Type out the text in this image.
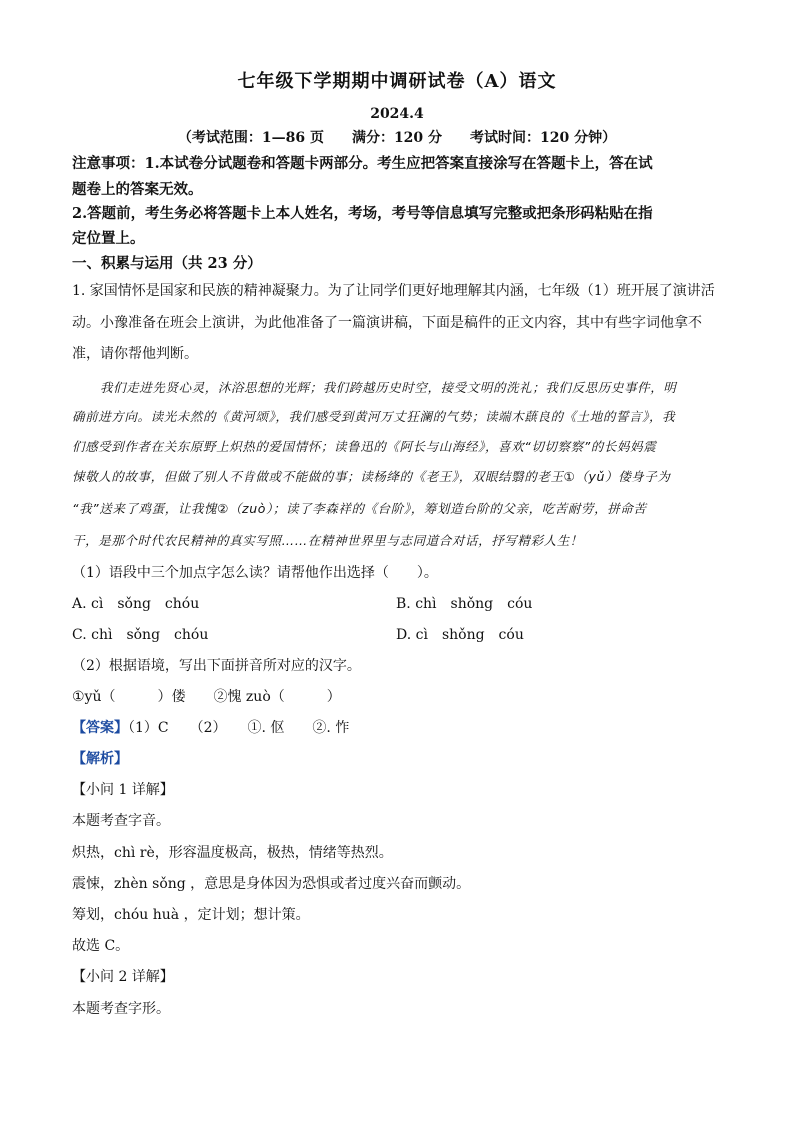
七年级下学期期中调研试卷（A）语文
2024.4
（考试范围：1—86 页　　满分：120 分　　考试时间：120 分钟）
注意事项：1.本试卷分试题卷和答题卡两部分。考生应把答案直接涂写在答题卡上，答在试
题卷上的答案无效。
2.答题前，考生务必将答题卡上本人姓名，考场，考号等信息填写完整或把条形码粘贴在指
定位置上。
一、积累与运用（共 23 分）
1. 家国情怀是国家和民族的精神凝聚力。为了让同学们更好地理解其内涵，七年级（1）班开展了演讲活
动。小豫准备在班会上演讲，为此他准备了一篇演讲稿，下面是稿件的正文内容，其中有些字词他拿不
准，请你帮他判断。
我们走进先贤心灵，沐浴思想的光辉；我们跨越历史时空，接受文明的洗礼；我们反思历史事件，明
确前进方向。读光未然的《黄河颂》，我们感受到黄河万丈狂澜的气势；读端木蕻良的《土地的誓言》，我
们感受到作者在关东原野上炽热的爱国情怀；读鲁迅的《阿长与山海经》，喜欢“切切察察”的长妈妈震
悚敬人的故事，但做了别人不肯做或不能做的事；读杨绛的《老王》，双眼结翳的老王①（yǔ）偻身子为
“我”送来了鸡蛋，让我愧②（zuò）；读了李森祥的《台阶》，筹划造台阶的父亲，吃苦耐劳，拼命苦
干，是那个时代农民精神的真实写照……在精神世界里与志同道合对话，抒写精彩人生！
（1）语段中三个加点字怎么读？请帮他作出选择（　　）。
A. cì　sǒng　chóu	B. chì　shǒng　cóu
C. chì　sǒng　chóu	D. cì　shǒng　cóu
（2）根据语境，写出下面拼音所对应的汉字。
①yǔ（　　　）偻　　②愧 zuò（　　　）
【答案】（1）C　　（2）　　①. 伛　　②. 怍
【解析】
【小问 1 详解】
本题考查字音。
炽热，chì rè，形容温度极高，极热，情绪等热烈。
震悚，zhèn sǒng ，意思是身体因为恐惧或者过度兴奋而颤动。
筹划，chóu huà ，定计划；想计策。
故选 C。
【小问 2 详解】
本题考查字形。
